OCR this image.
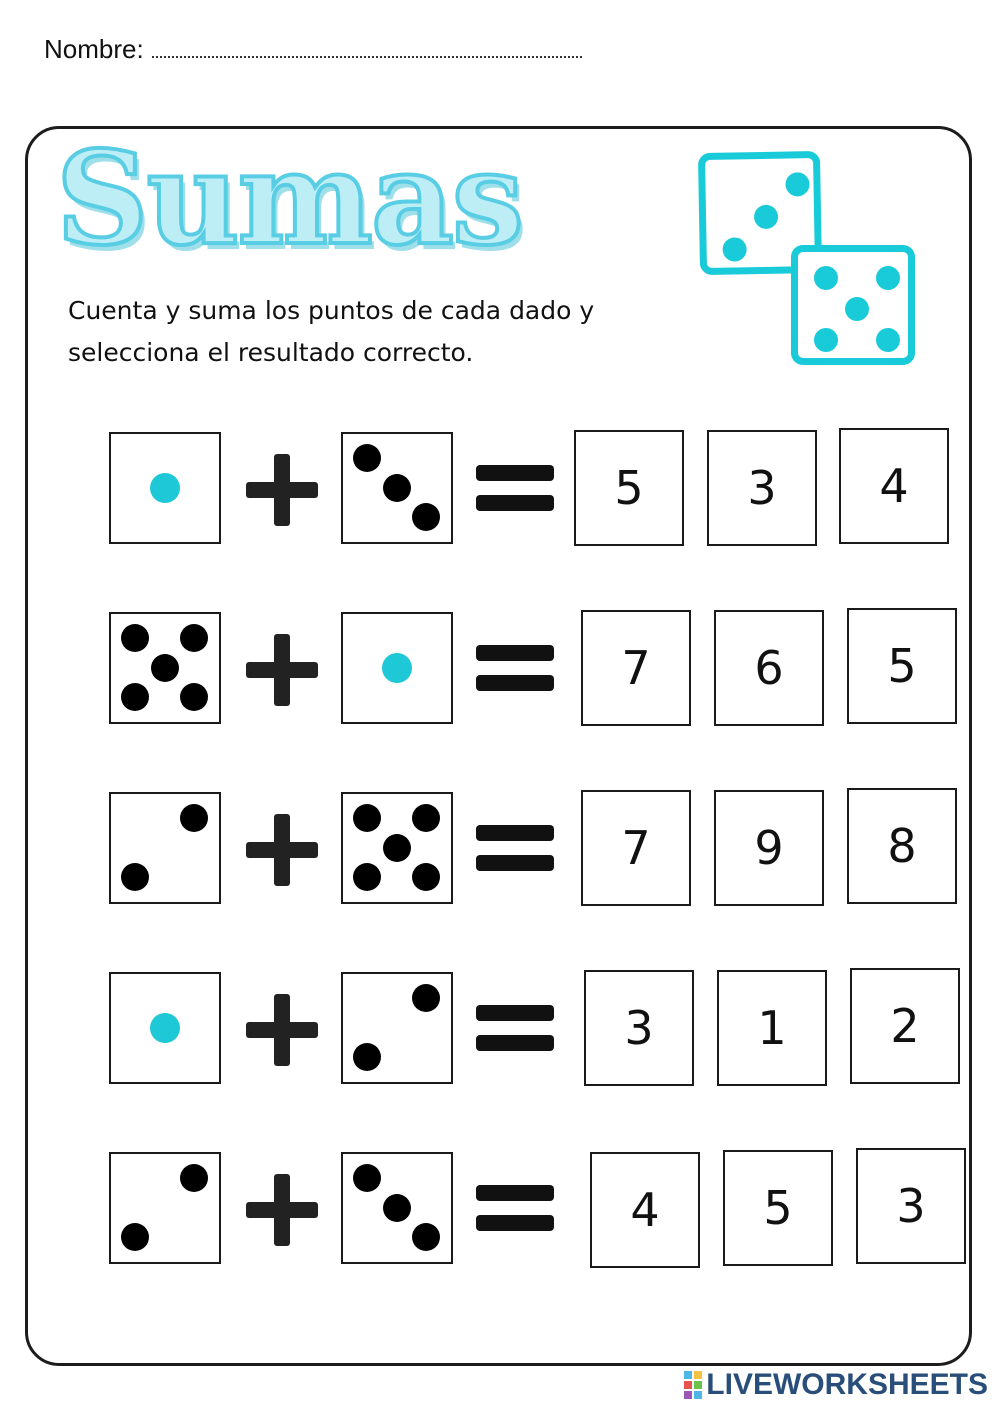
Nombre:
Sumas
Cuenta y suma los puntos de cada dado y selecciona el resultado correcto.
5	3	4
7	6	5
7	9	8
3	1	2
4	5	3
LIVEWORKSHEETS
